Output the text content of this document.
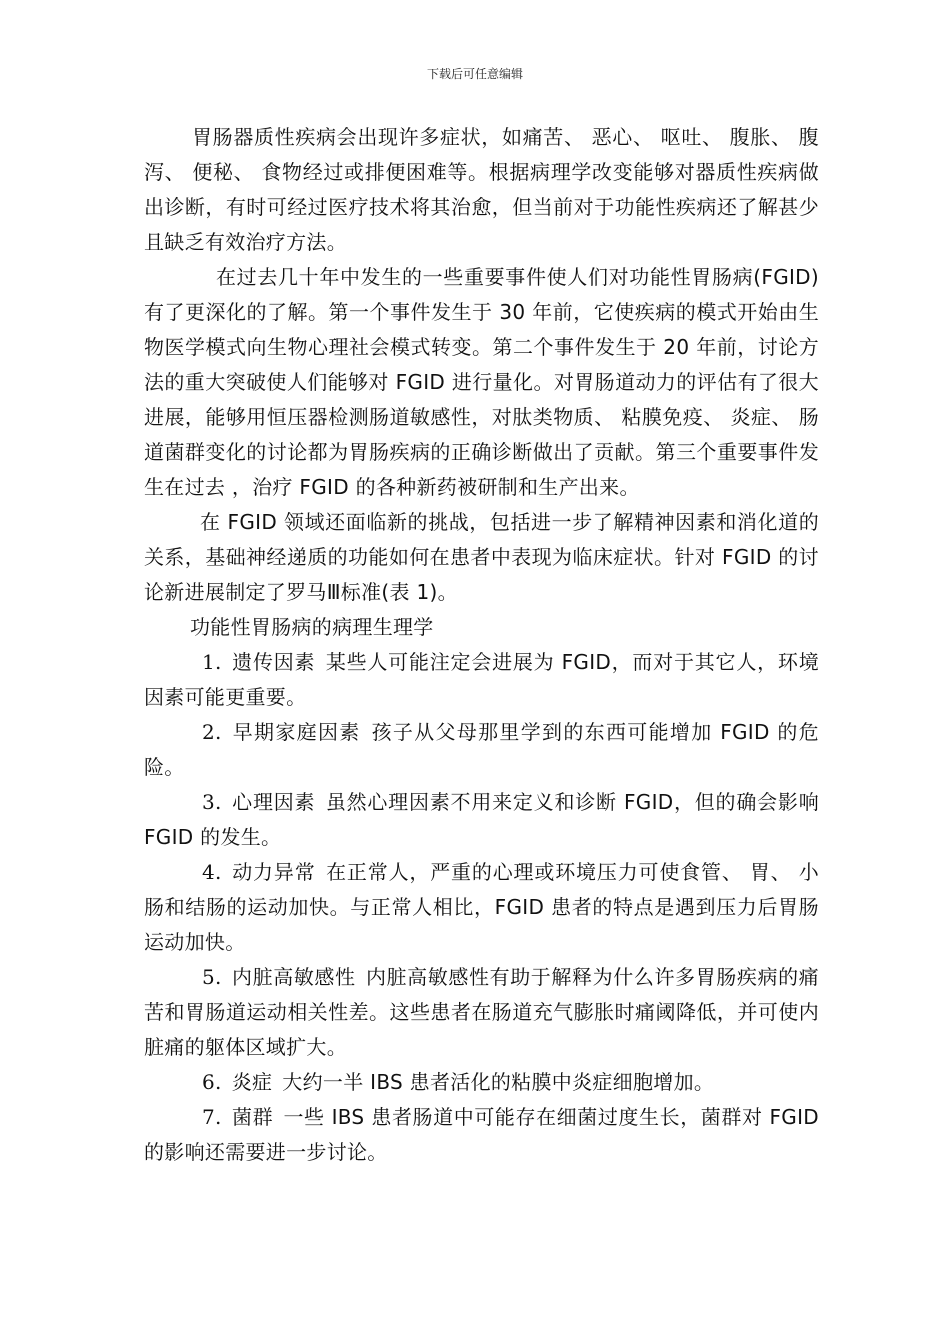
下载后可任意编辑

胃肠器质性疾病会出现许多症状，如痛苦、 恶心、 呕吐、 腹胀、 腹泻、 便秘、 食物经过或排便困难等。根据病理学改变能够对器质性疾病做出诊断，有时可经过医疗技术将其治愈，但当前对于功能性疾病还了解甚少且缺乏有效治疗方法。

在过去几十年中发生的一些重要事件使人们对功能性胃肠病(FGID)有了更深化的了解。第一个事件发生于 30 年前，它使疾病的模式开始由生物医学模式向生物心理社会模式转变。第二个事件发生于 20 年前，讨论方法的重大突破使人们能够对 FGID 进行量化。对胃肠道动力的评估有了很大进展，能够用恒压器检测肠道敏感性，对肽类物质、 粘膜免疫、 炎症、 肠道菌群变化的讨论都为胃肠疾病的正确诊断做出了贡献。第三个重要事件发生在过去 ，治疗 FGID 的各种新药被研制和生产出来。

在 FGID 领域还面临新的挑战，包括进一步了解精神因素和消化道的关系，基础神经递质的功能如何在患者中表现为临床症状。针对 FGID 的讨论新进展制定了罗马Ⅲ标准(表 1)。

功能性胃肠病的病理生理学

1. 遗传因素 某些人可能注定会进展为 FGID，而对于其它人，环境因素可能更重要。

2. 早期家庭因素 孩子从父母那里学到的东西可能增加 FGID 的危险。

3. 心理因素 虽然心理因素不用来定义和诊断 FGID，但的确会影响 FGID 的发生。

4. 动力异常 在正常人，严重的心理或环境压力可使食管、 胃、 小肠和结肠的运动加快。与正常人相比，FGID 患者的特点是遇到压力后胃肠运动加快。

5. 内脏高敏感性 内脏高敏感性有助于解释为什么许多胃肠疾病的痛苦和胃肠道运动相关性差。这些患者在肠道充气膨胀时痛阈降低，并可使内脏痛的躯体区域扩大。

6. 炎症 大约一半 IBS 患者活化的粘膜中炎症细胞增加。

7. 菌群 一些 IBS 患者肠道中可能存在细菌过度生长，菌群对 FGID 的影响还需要进一步讨论。
